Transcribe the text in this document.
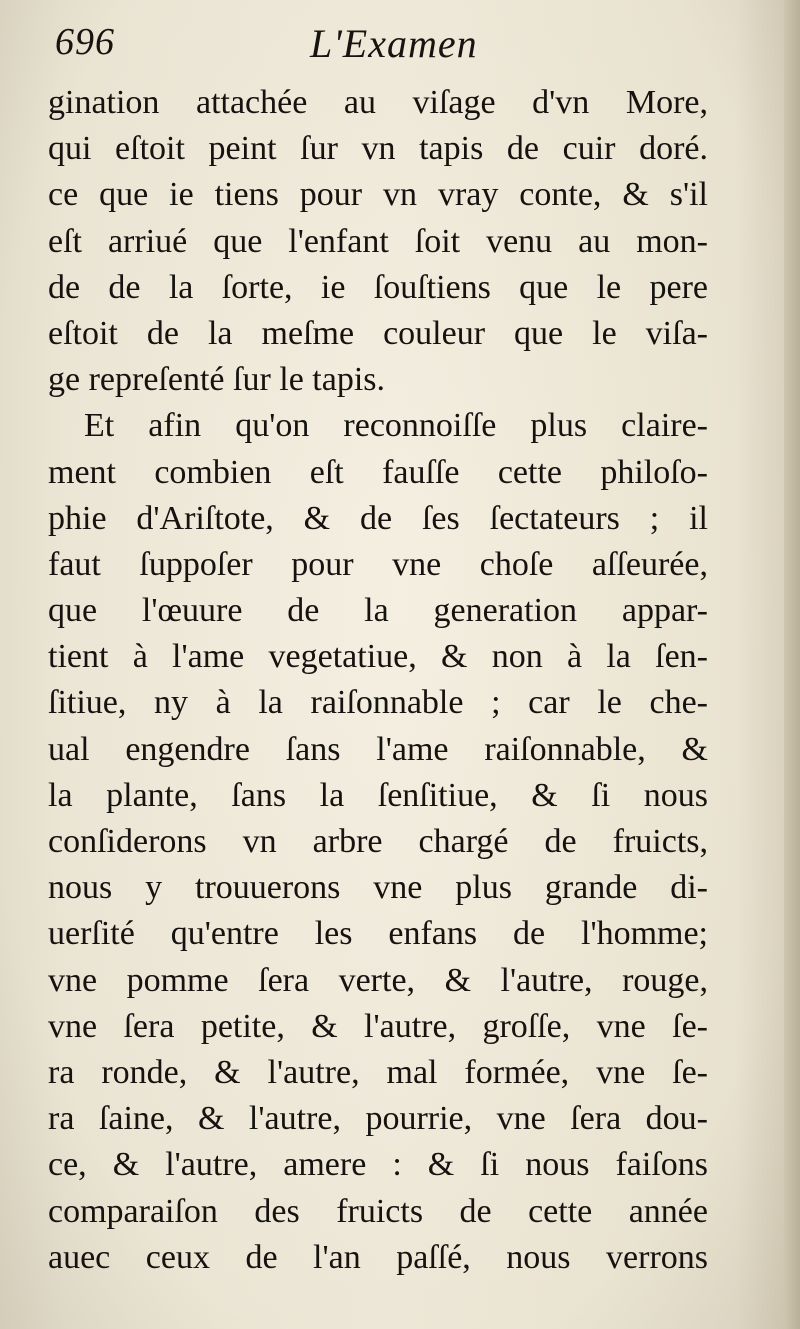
696	L'Examen
gination attachée au viſage d'vn More,
qui eſtoit peint ſur vn tapis de cuir doré.
ce que ie tiens pour vn vray conte, & s'il
eſt arriué que l'enfant ſoit venu au mon-
de de la ſorte, ie ſouſtiens que le pere
eſtoit de la meſme couleur que le viſa-
ge repreſenté ſur le tapis.
Et afin qu'on reconnoiſſe plus claire-
ment combien eſt fauſſe cette philoſo-
phie d'Ariſtote, & de ſes ſectateurs ; il
faut ſuppoſer pour vne choſe aſſeurée,
que l'œuure de la generation appar-
tient à l'ame vegetatiue, & non à la ſen-
ſitiue, ny à la raiſonnable ; car le che-
ual engendre ſans l'ame raiſonnable, &
la plante, ſans la ſenſitiue, & ſi nous
conſiderons vn arbre chargé de fruicts,
nous y trouuerons vne plus grande di-
uerſité qu'entre les enfans de l'homme;
vne pomme ſera verte, & l'autre, rouge,
vne ſera petite, & l'autre, groſſe, vne ſe-
ra ronde, & l'autre, mal formée, vne ſe-
ra ſaine, & l'autre, pourrie, vne ſera dou-
ce, & l'autre, amere : & ſi nous faiſons
comparaiſon des fruicts de cette année
auec ceux de l'an paſſé, nous verrons
